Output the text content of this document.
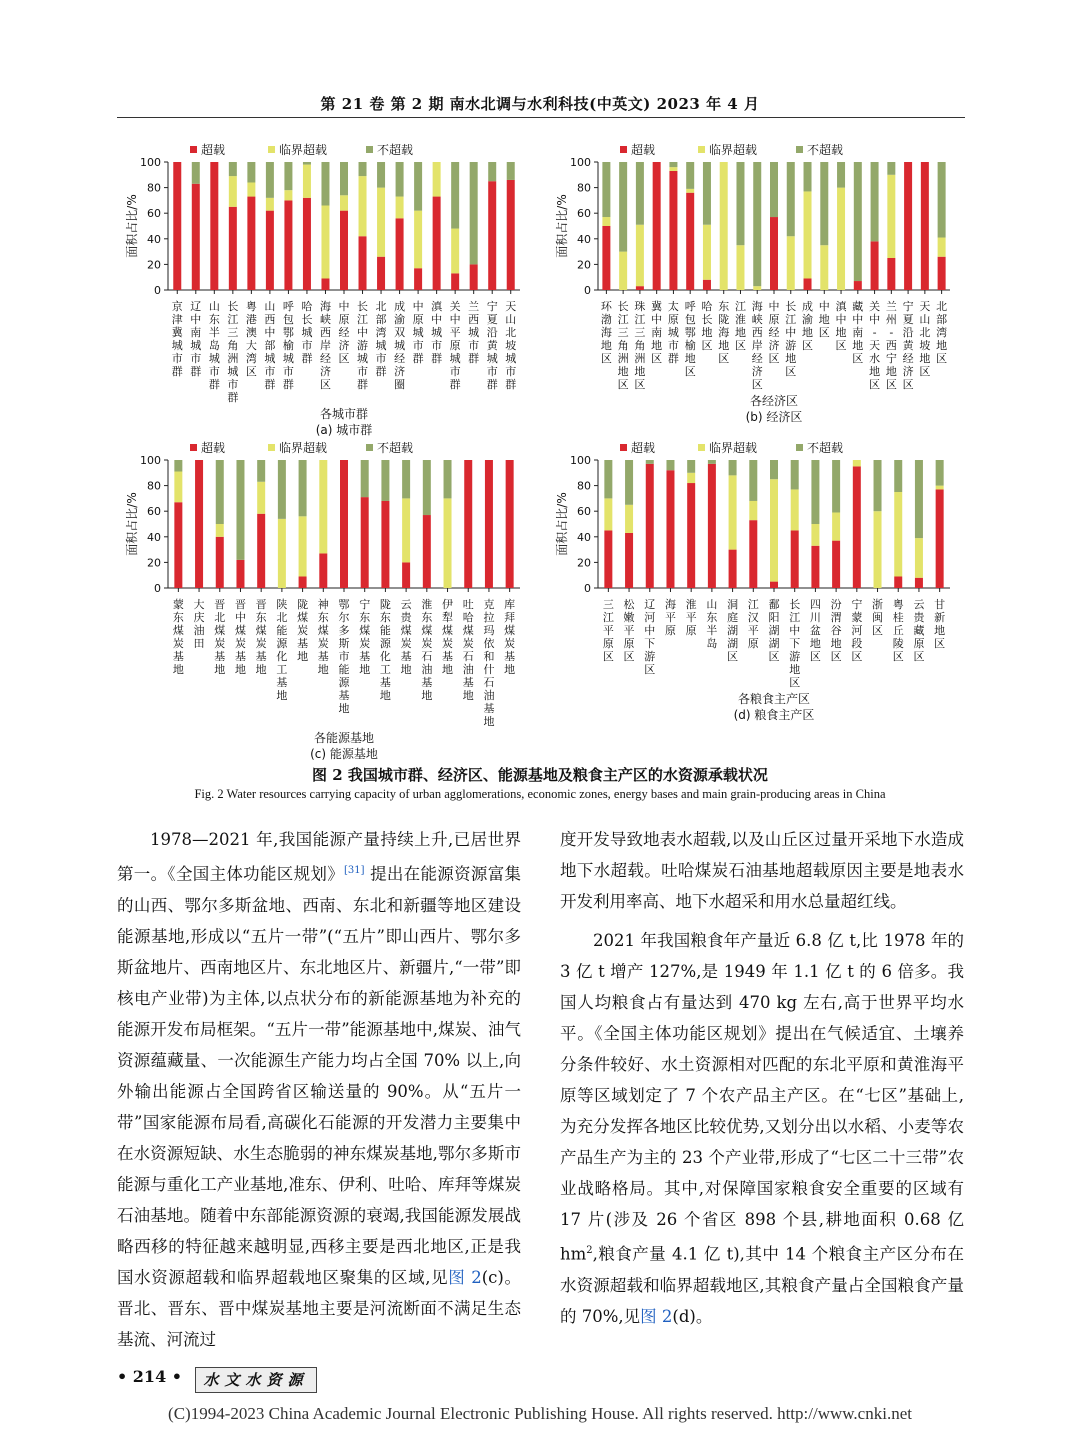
第 21 卷 第 2 期 南水北调与水利科技(中英文) 2023 年 4 月
超载	临界超载	不超载
0
20
40
60
80
100
面积占比/%
京津冀城市群
辽中南城市群
山东半岛城市群
长江三角洲城市群
粤港澳大湾区
山西中部城市群
呼包鄂榆城市群
哈长城市群
海峡西岸经济区
中原经济区
长江中游城市群
北部湾城市群
成渝双城经济圈
中原城市群
滇中城市群
关中平原城市群
兰西城市群
宁夏沿黄城市群
天山北坡城市群
各城市群
(a) 城市群
超载	临界超载	不超载
0
20
40
60
80
100
面积占比/%
环渤海地区
长江三角洲地区
珠江三角洲地区
冀中南地区
太原城市群
呼包鄂榆地区
哈长地区
东陇海地区
江淮地区
海峡西岸经济区
中原经济区
长江中游地区
成渝地区
中地区
滇中地区
藏中南地区
关中-天水地区
兰州-西宁地区
宁夏沿黄经济区
天山北坡地区
北部湾地区
各经济区
(b) 经济区
超载	临界超载	不超载
0
20
40
60
80
100
面积占比/%
蒙东煤炭基地
大庆油田
晋北煤炭基地
晋中煤炭基地
晋东煤炭基地
陕北能源化工基地
陇煤炭基地
神东煤炭基地
鄂尔多斯市能源基地
宁东煤炭基地
陇东能源化工基地
云贵煤炭基地
淮东煤炭石油基地
伊犁煤炭基地
吐哈煤炭石油基地
克拉玛依和什石油基地
库拜煤炭基地
各能源基地
(c) 能源基地
超载	临界超载	不超载
0
20
40
60
80
100
面积占比/%
三江平原区
松嫩平原区
辽河中下游区
海平原
淮平原
山东半岛
洞庭湖湖区
江汉平原
鄱阳湖湖区
长江中下游地区
四川盆地区
汾渭谷地区
宁蒙河段区
浙闽区
粤桂丘陵区
云贵藏原区
甘新地区
各粮食主产区
(d) 粮食主产区
图 2 我国城市群、经济区、能源基地及粮食主产区的水资源承载状况
Fig. 2 Water resources carrying capacity of urban agglomerations, economic zones, energy bases and main grain-producing areas in China

1978—2021 年,我国能源产量持续上升,已居世界第一。《全国主体功能区规划》[31] 提出在能源资源富集的山西、鄂尔多斯盆地、西南、东北和新疆等地区建设能源基地,形成以“五片一带”(“五片”即山西片、鄂尔多斯盆地片、西南地区片、东北地区片、新疆片,“一带”即核电产业带)为主体,以点状分布的新能源基地为补充的能源开发布局框架。“五片一带”能源基地中,煤炭、油气资源蕴藏量、一次能源生产能力均占全国 70% 以上,向外输出能源占全国跨省区输送量的 90%。从“五片一带”国家能源布局看,高碳化石能源的开发潜力主要集中在水资源短缺、水生态脆弱的神东煤炭基地,鄂尔多斯市能源与重化工产业基地,准东、伊利、吐哈、库拜等煤炭石油基地。随着中东部能源资源的衰竭,我国能源发展战略西移的特征越来越明显,西移主要是西北地区,正是我国水资源超载和临界超载地区聚集的区域,见图 2(c)。晋北、晋东、晋中煤炭基地主要是河流断面不满足生态基流、河流过

度开发导致地表水超载,以及山丘区过量开采地下水造成地下水超载。吐哈煤炭石油基地超载原因主要是地表水开发利用率高、地下水超采和用水总量超红线。

2021 年我国粮食年产量近 6.8 亿 t,比 1978 年的 3 亿 t 增产 127%,是 1949 年 1.1 亿 t 的 6 倍多。我国人均粮食占有量达到 470 kg 左右,高于世界平均水平。《全国主体功能区规划》提出在气候适宜、土壤养分条件较好、水土资源相对匹配的东北平原和黄淮海平原等区域划定了 7 个农产品主产区。在“七区”基础上,为充分发挥各地区比较优势,又划分出以水稻、小麦等农产品生产为主的 23 个产业带,形成了“七区二十三带”农业战略格局。其中,对保障国家粮食安全重要的区域有 17 片(涉及 26 个省区 898 个县,耕地面积 0.68 亿 $hm^2$,粮食产量 4.1 亿 t),其中 14 个粮食主产区分布在水资源超载和临界超载地区,其粮食产量占全国粮食产量的 70%,见图 2(d)。

• 214 •	水文水资源
(C)1994-2023 China Academic Journal Electronic Publishing House. All rights reserved. http://www.cnki.net
